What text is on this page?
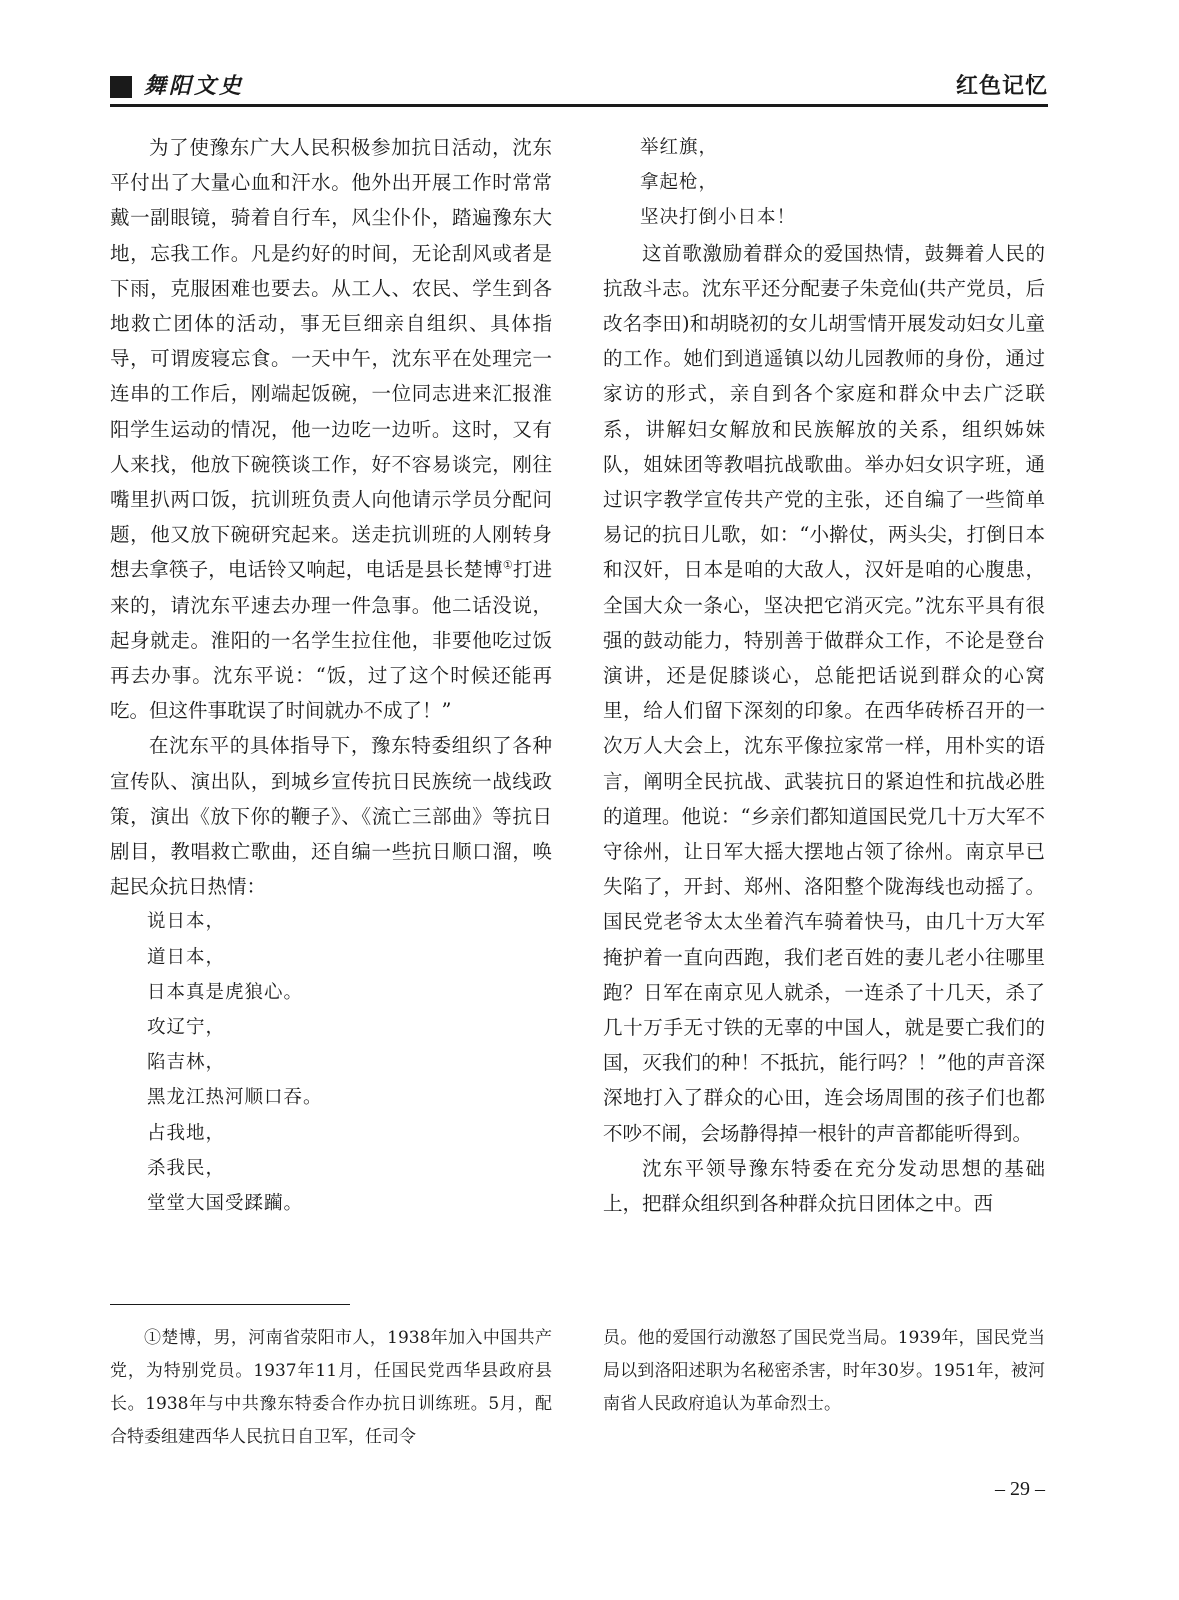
舞阳文史	红色记忆

为了使豫东广大人民积极参加抗日活动，沈东平付出了大量心血和汗水。他外出开展工作时常常戴一副眼镜，骑着自行车，风尘仆仆，踏遍豫东大地，忘我工作。凡是约好的时间，无论刮风或者是下雨，克服困难也要去。从工人、农民、学生到各地救亡团体的活动，事无巨细亲自组织、具体指导，可谓废寝忘食。一天中午，沈东平在处理完一连串的工作后，刚端起饭碗，一位同志进来汇报淮阳学生运动的情况，他一边吃一边听。这时，又有人来找，他放下碗筷谈工作，好不容易谈完，刚往嘴里扒两口饭，抗训班负责人向他请示学员分配问题，他又放下碗研究起来。送走抗训班的人刚转身想去拿筷子，电话铃又响起，电话是县长楚博①打进来的，请沈东平速去办理一件急事。他二话没说，起身就走。淮阳的一名学生拉住他，非要他吃过饭再去办事。沈东平说：“饭，过了这个时候还能再吃。但这件事耽误了时间就办不成了！”

在沈东平的具体指导下，豫东特委组织了各种宣传队、演出队，到城乡宣传抗日民族统一战线政策，演出《放下你的鞭子》、《流亡三部曲》等抗日剧目，教唱救亡歌曲，还自编一些抗日顺口溜，唤起民众抗日热情：

说日本，

道日本，

日本真是虎狼心。

攻辽宁，

陷吉林，

黑龙江热河顺口吞。

占我地，

杀我民，

堂堂大国受蹂躏。

举红旗，

拿起枪，

坚决打倒小日本！

这首歌激励着群众的爱国热情，鼓舞着人民的抗敌斗志。沈东平还分配妻子朱竞仙(共产党员，后改名李田)和胡晓初的女儿胡雪情开展发动妇女儿童的工作。她们到逍遥镇以幼儿园教师的身份，通过家访的形式，亲自到各个家庭和群众中去广泛联系，讲解妇女解放和民族解放的关系，组织姊妹队，姐妹团等教唱抗战歌曲。举办妇女识字班，通过识字教学宣传共产党的主张，还自编了一些简单易记的抗日儿歌，如：“小擀仗，两头尖，打倒日本和汉奸，日本是咱的大敌人，汉奸是咱的心腹患，全国大众一条心，坚决把它消灭完。”沈东平具有很强的鼓动能力，特别善于做群众工作，不论是登台演讲，还是促膝谈心，总能把话说到群众的心窝里，给人们留下深刻的印象。在西华砖桥召开的一次万人大会上，沈东平像拉家常一样，用朴实的语言，阐明全民抗战、武装抗日的紧迫性和抗战必胜的道理。他说：“乡亲们都知道国民党几十万大军不守徐州，让日军大摇大摆地占领了徐州。南京早已失陷了，开封、郑州、洛阳整个陇海线也动摇了。国民党老爷太太坐着汽车骑着快马，由几十万大军掩护着一直向西跑，我们老百姓的妻儿老小往哪里跑？日军在南京见人就杀，一连杀了十几天，杀了几十万手无寸铁的无辜的中国人，就是要亡我们的国，灭我们的种！不抵抗，能行吗？！”他的声音深深地打入了群众的心田，连会场周围的孩子们也都不吵不闹，会场静得掉一根针的声音都能听得到。

沈东平领导豫东特委在充分发动思想的基础上，把群众组织到各种群众抗日团体之中。西

①楚博，男，河南省荥阳市人，1938年加入中国共产党，为特别党员。1937年11月，任国民党西华县政府县长。1938年与中共豫东特委合作办抗日训练班。5月，配合特委组建西华人民抗日自卫军，任司令
员。他的爱国行动激怒了国民党当局。1939年，国民党当局以到洛阳述职为名秘密杀害，时年30岁。1951年，被河南省人民政府追认为革命烈士。
– 29 –
